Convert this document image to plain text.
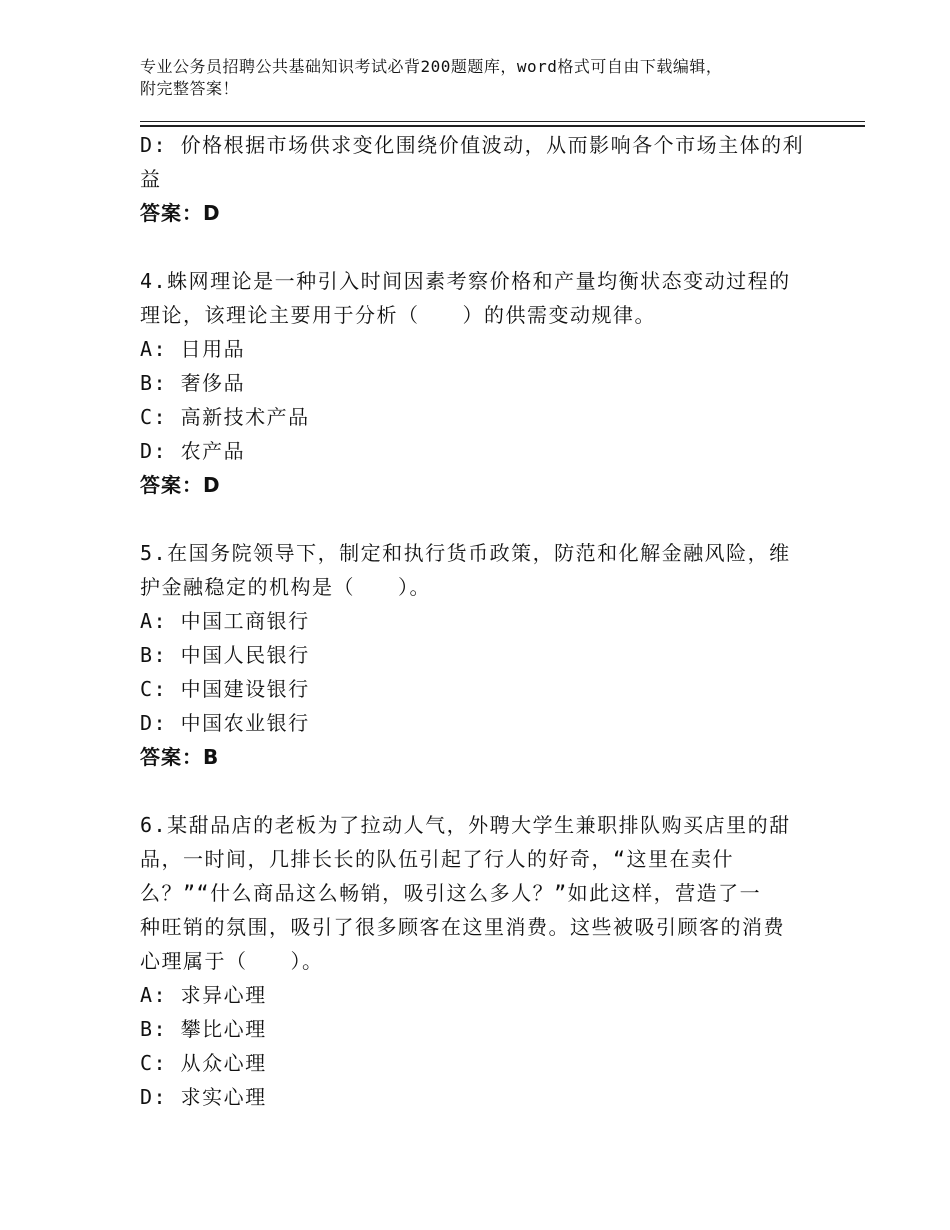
专业公务员招聘公共基础知识考试必背200题题库，word格式可自由下载编辑，
附完整答案！
D: 价格根据市场供求变化围绕价值波动，从而影响各个市场主体的利
益
答案：D
4.蛛网理论是一种引入时间因素考察价格和产量均衡状态变动过程的
理论，该理论主要用于分析（　　）的供需变动规律。
A: 日用品
B: 奢侈品
C: 高新技术产品
D: 农产品
答案：D
5.在国务院领导下，制定和执行货币政策，防范和化解金融风险，维
护金融稳定的机构是（　　）。
A: 中国工商银行
B: 中国人民银行
C: 中国建设银行
D: 中国农业银行
答案：B
6.某甜品店的老板为了拉动人气，外聘大学生兼职排队购买店里的甜
品，一时间，几排长长的队伍引起了行人的好奇，“这里在卖什
么？”“什么商品这么畅销，吸引这么多人？”如此这样，营造了一
种旺销的氛围，吸引了很多顾客在这里消费。这些被吸引顾客的消费
心理属于（　　）。
A: 求异心理
B: 攀比心理
C: 从众心理
D: 求实心理
